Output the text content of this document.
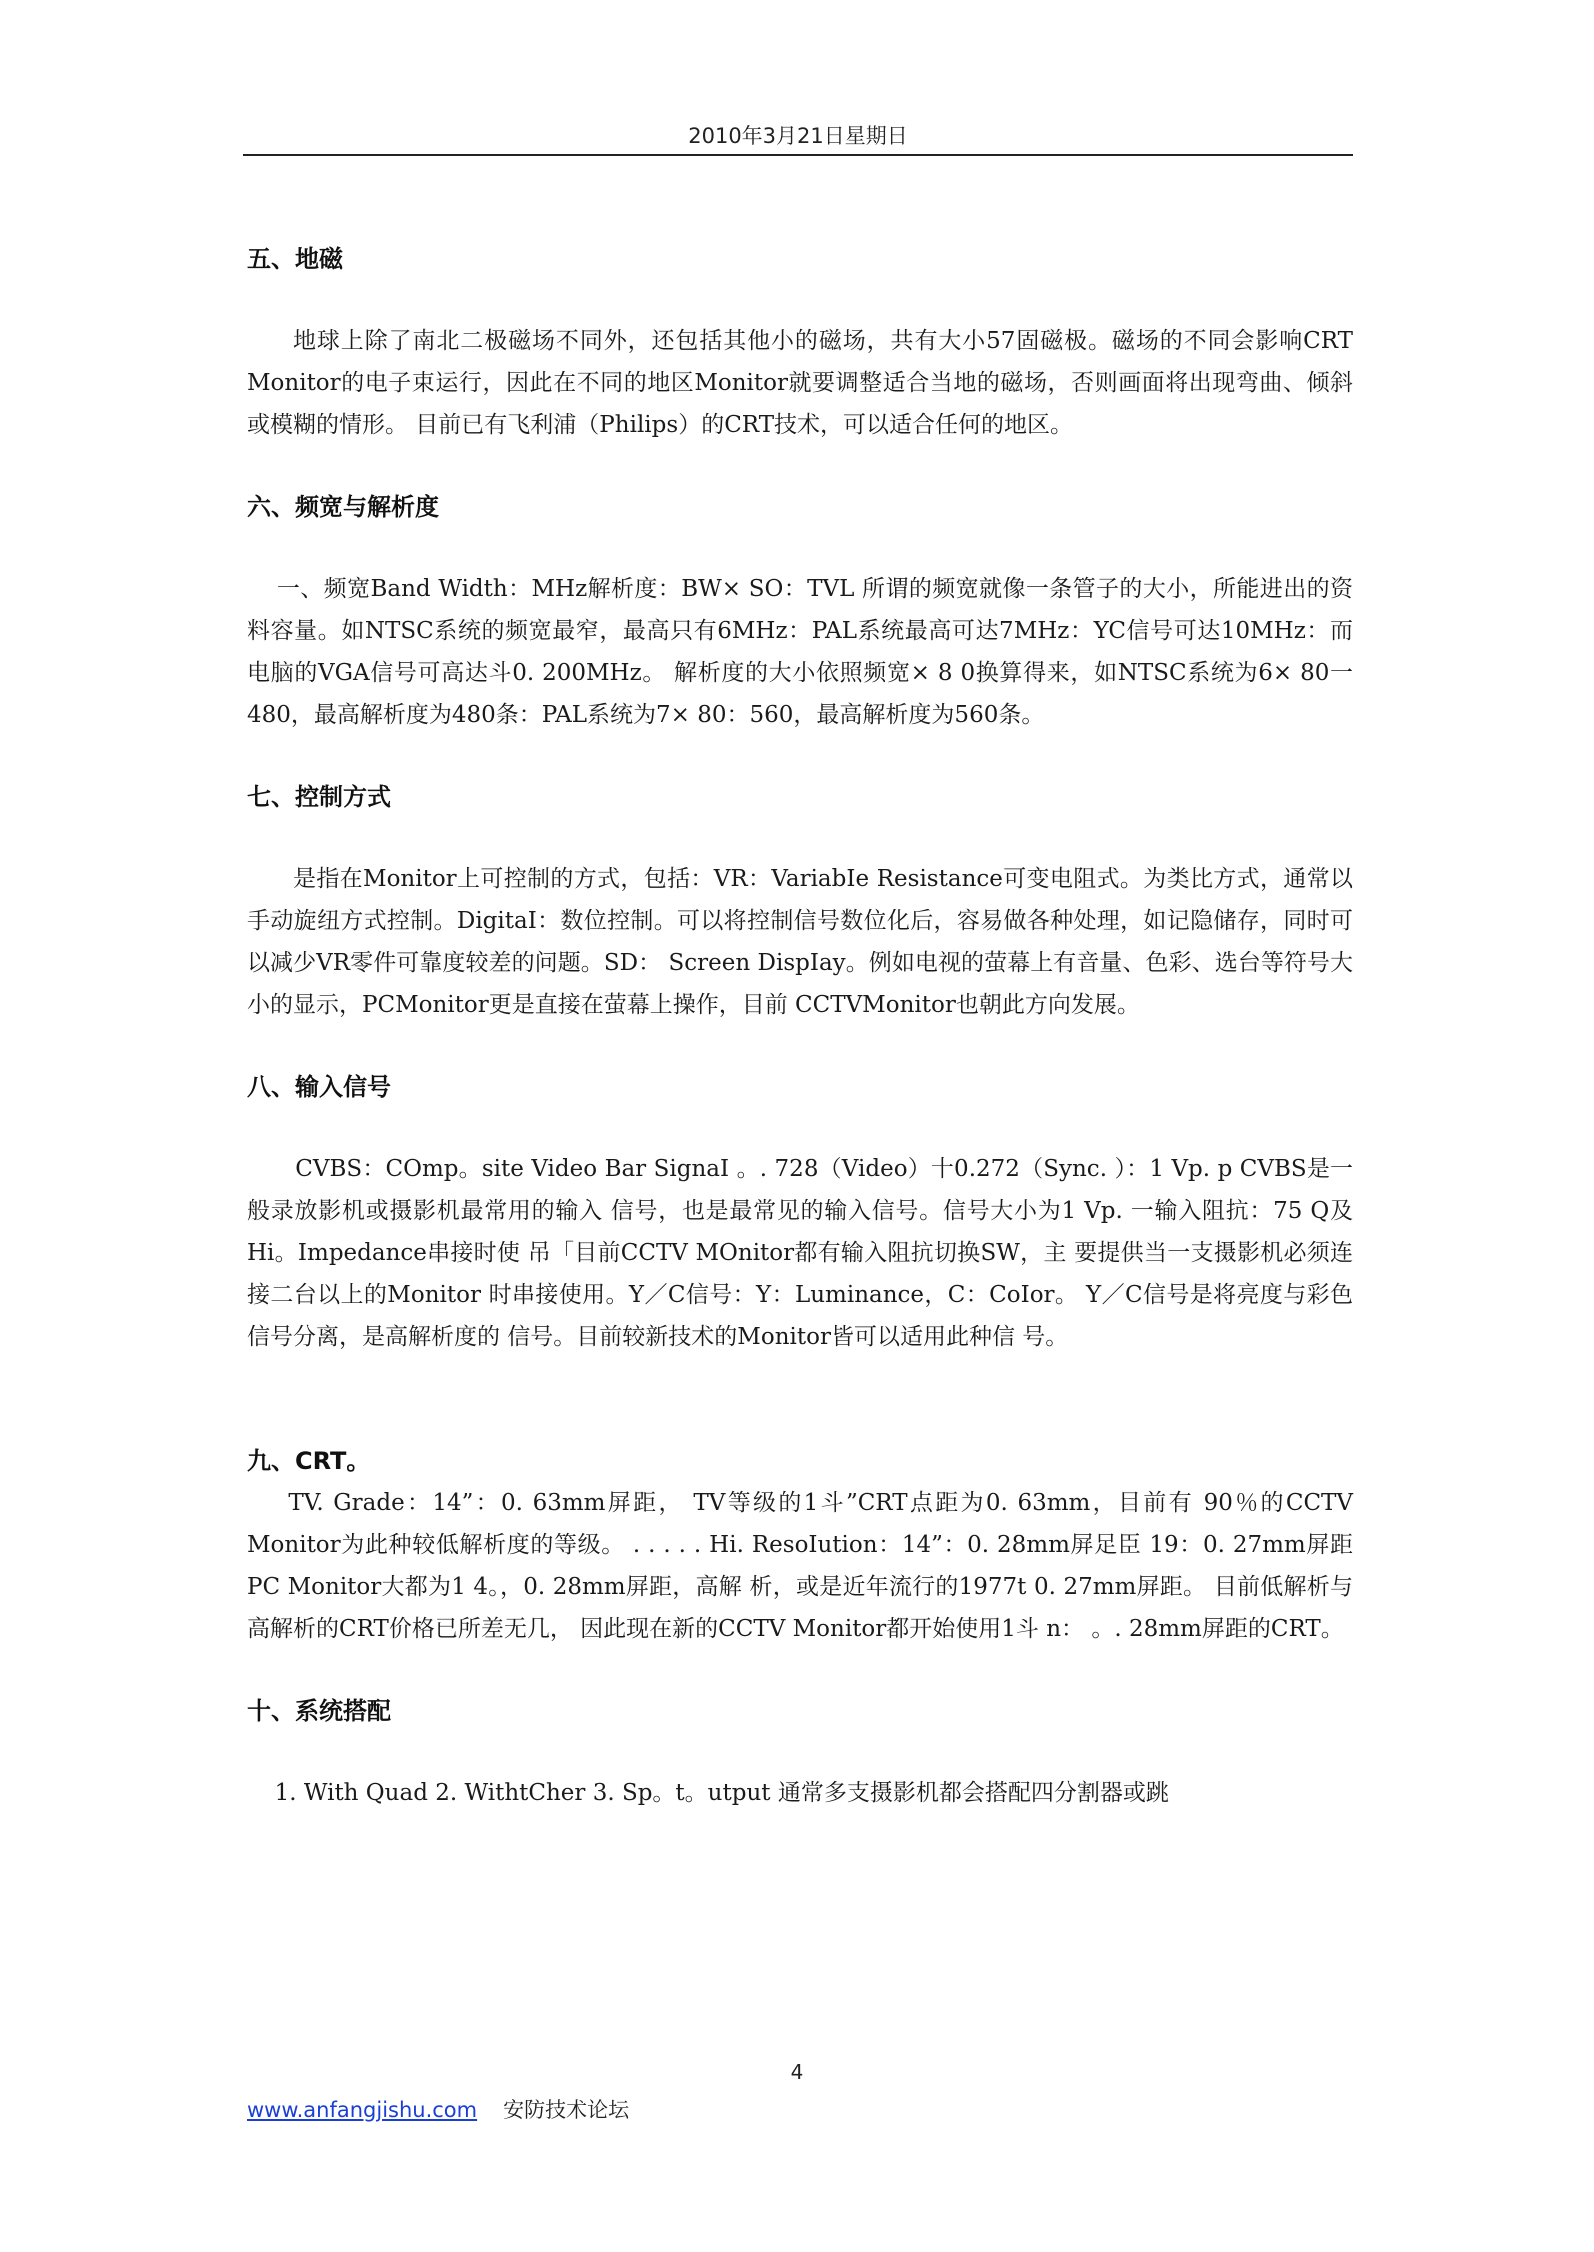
2010年3月21日星期日
五、地磁

地球上除了南北二极磁场不同外，还包括其他小的磁场，共有大小57固磁极。磁场的不同会影响CRT Monitor的电子束运行，因此在不同的地区Monitor就要调整适合当地的磁场，否则画面将出现弯曲、倾斜或模糊的情形。 目前已有飞利浦（Philips）的CRT技术，可以适合任何的地区。

六、频宽与解析度

一、频宽Band Width：MHz解析度：BW× SO：TVL 所谓的频宽就像一条管子的大小，所能进出的资料容量。如NTSC系统的频宽最窄，最高只有6MHz：PAL系统最高可达7MHz：YC信号可达10MHz：而电脑的VGA信号可高达斗0. 200MHz。 解析度的大小依照频宽× 8 0换算得来，如NTSC系统为6× 80一480，最高解析度为480条：PAL系统为7× 80：560，最高解析度为560条。

七、控制方式

是指在Monitor上可控制的方式，包括：VR：VariabIe Resistance可变电阻式。为类比方式，通常以手动旋纽方式控制。DigitaI：数位控制。可以将控制信号数位化后，容易做各种处理，如记隐储存，同时可以减少VR零件可靠度较差的问题。SD： Screen DispIay。例如电视的萤幕上有音量、色彩、选台等符号大小的显示，PCMonitor更是直接在萤幕上操作，目前 CCTVMonitor也朝此方向发展。

八、输入信号

CVBS：COmp。site Video Bar SignaI 。. 728（Video）十0.272（Sync. ）：1 Vp. p CVBS是一般录放影机或摄影机最常用的输入 信号，也是最常见的输入信号。信号大小为1 Vp. 一输入阻抗：75 Q及Hi。Impedance串接时使 吊「目前CCTV MOnitor都有输入阻抗切换SW，主 要提供当一支摄影机必须连接二台以上的Monitor 时串接使用。Y／C信号：Y：Luminance，C：CoIor。 Y／C信号是将亮度与彩色信号分离，是高解析度的 信号。目前较新技术的Monitor皆可以适用此种信 号。

九、CRT。

TV. Grade：14”：0. 63mm屏距， TV等级的1斗”CRT点距为0. 63mm，目前有 90％的CCTV Monitor为此种较低解析度的等级。 . . . . . Hi. ResoIution：14”：0. 28mm屏足臣 19：0. 27mm屏距 PC Monitor大都为1 4。，0. 28mm屏距，高解 析，或是近年流行的1977t 0. 27mm屏距。 目前低解析与高解析的CRT价格已所差无几， 因此现在新的CCTV Monitor都开始使用1斗 n： 。. 28mm屏距的CRT。

十、系统搭配

1. With Quad 2. WithtCher 3. Sp。t。utput 通常多支摄影机都会搭配四分割器或跳

4
www.anfangjishu.com 安防技术论坛
